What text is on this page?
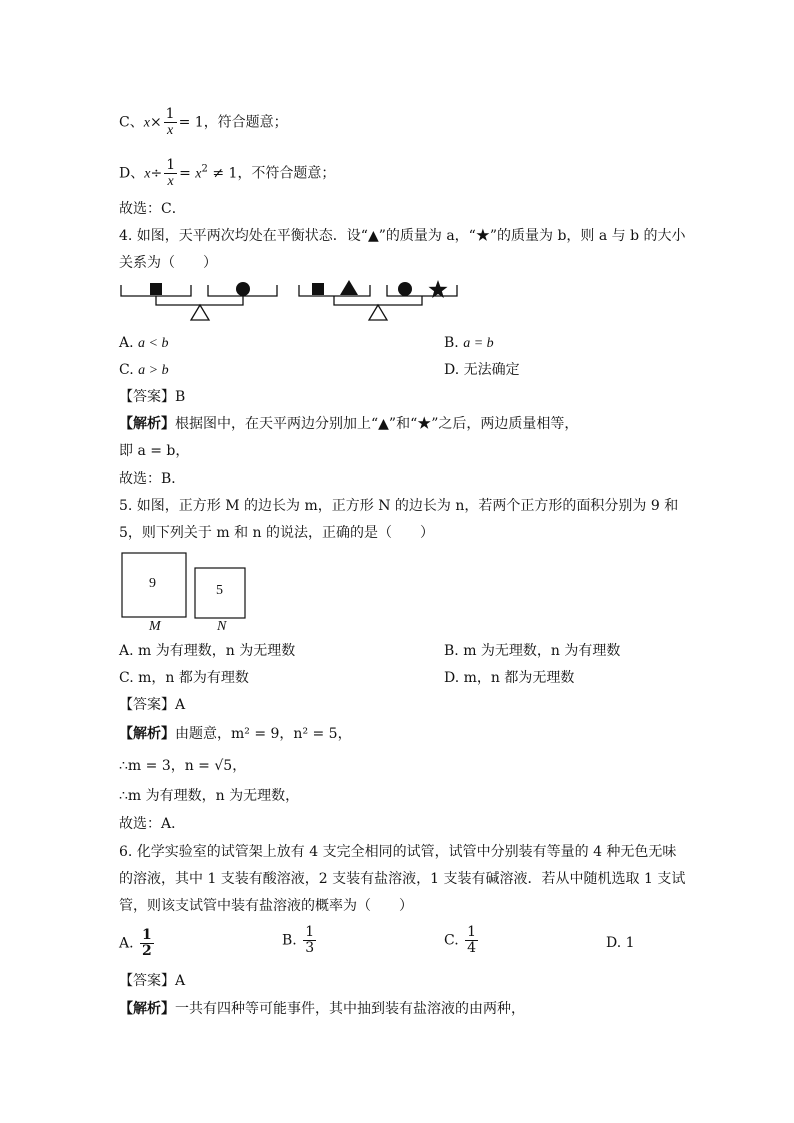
C、$x\times \frac{1}{x} = 1$，符合题意；
D、$x\div \frac{1}{x} = x^2 \ne 1$，不符合题意；
故选：C．
4. 如图，天平两次均处在平衡状态．设“▲”的质量为 a，“★”的质量为 b，则 a 与 b 的大小
关系为（　　）
A. a < b	B. a = b
C. a > b	D. 无法确定
【答案】B
【解析】根据图中，在天平两边分别加上“▲”和“★”之后，两边质量相等，
即 a = b，
故选：B．
5. 如图，正方形 M 的边长为 m，正方形 N 的边长为 n，若两个正方形的面积分别为 9 和
5，则下列关于 m 和 n 的说法，正确的是（　　）
9	5
M	N
A. m 为有理数，n 为无理数	B. m 为无理数，n 为有理数
C. m，n 都为有理数	D. m，n 都为无理数
【答案】A
【解析】由题意，m² = 9，n² = 5，
∴m = 3，n = √5，
∴m 为有理数，n 为无理数，
故选：A．
6. 化学实验室的试管架上放有 4 支完全相同的试管，试管中分别装有等量的 4 种无色无味
的溶液，其中 1 支装有酸溶液，2 支装有盐溶液，1 支装有碱溶液．若从中随机选取 1 支试
管，则该支试管中装有盐溶液的概率为（　　）
A. $\frac{1}{2}$	B. $\frac{1}{3}$	C. $\frac{1}{4}$	D. 1
【答案】A
【解析】一共有四种等可能事件，其中抽到装有盐溶液的由两种，
